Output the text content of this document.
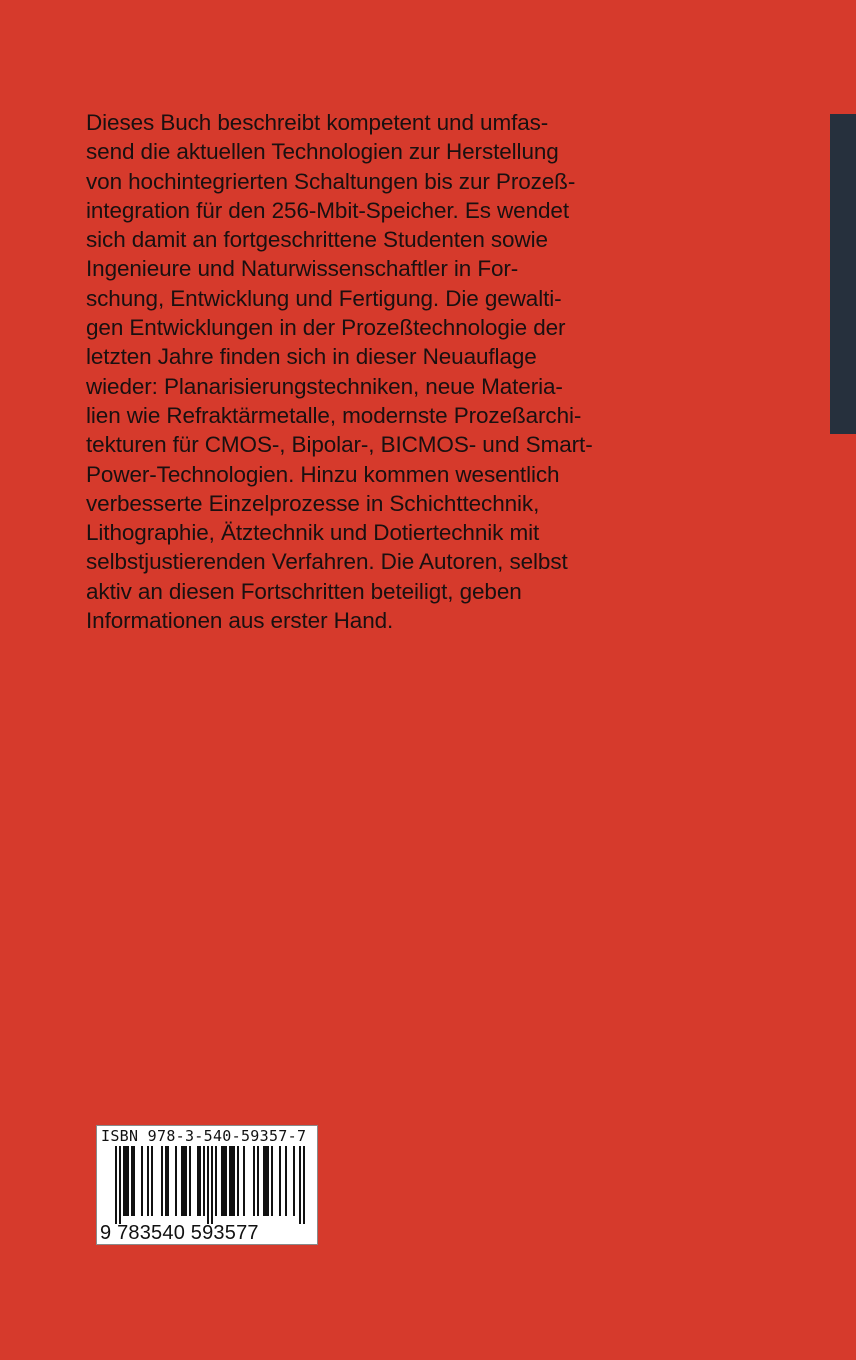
Dieses Buch beschreibt kompetent und umfas-
send die aktuellen Technologien zur Herstellung
von hochintegrierten Schaltungen bis zur Prozeß-
integration für den 256-Mbit-Speicher. Es wendet
sich damit an fortgeschrittene Studenten sowie
Ingenieure und Naturwissenschaftler in For-
schung, Entwicklung und Fertigung. Die gewalti-
gen Entwicklungen in der Prozeßtechnologie der
letzten Jahre finden sich in dieser Neuauflage
wieder: Planarisierungstechniken, neue Materia-
lien wie Refraktärmetalle, modernste Prozeßarchi-
tekturen für CMOS-, Bipolar-, BICMOS- und Smart-
Power-Technologien. Hinzu kommen wesentlich
verbesserte Einzelprozesse in Schichttechnik,
Lithographie, Ätztechnik und Dotiertechnik mit
selbstjustierenden Verfahren. Die Autoren, selbst
aktiv an diesen Fortschritten beteiligt, geben
Informationen aus erster Hand.
ISBN 978-3-540-59357-7
9 783540 593577
